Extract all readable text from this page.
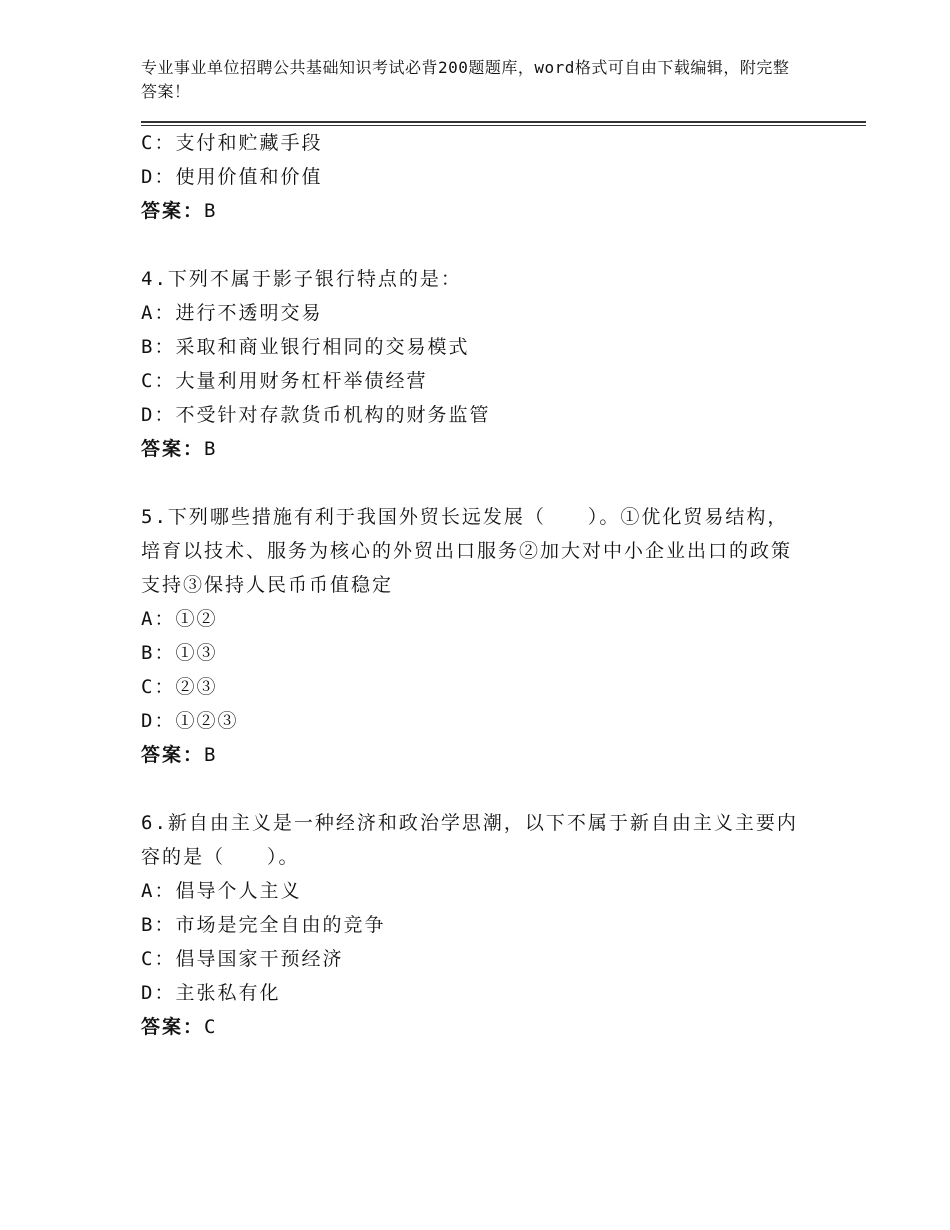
专业事业单位招聘公共基础知识考试必背200题题库，word格式可自由下载编辑，附完整答案！
C：支付和贮藏手段
D：使用价值和价值
答案：B
4.下列不属于影子银行特点的是：
A：进行不透明交易
B：采取和商业银行相同的交易模式
C：大量利用财务杠杆举债经营
D：不受针对存款货币机构的财务监管
答案：B
5.下列哪些措施有利于我国外贸长远发展（　　）。①优化贸易结构，培育以技术、服务为核心的外贸出口服务②加大对中小企业出口的政策支持③保持人民币币值稳定
A：①②
B：①③
C：②③
D：①②③
答案：B
6.新自由主义是一种经济和政治学思潮，以下不属于新自由主义主要内容的是（　　）。
A：倡导个人主义
B：市场是完全自由的竞争
C：倡导国家干预经济
D：主张私有化
答案：C
